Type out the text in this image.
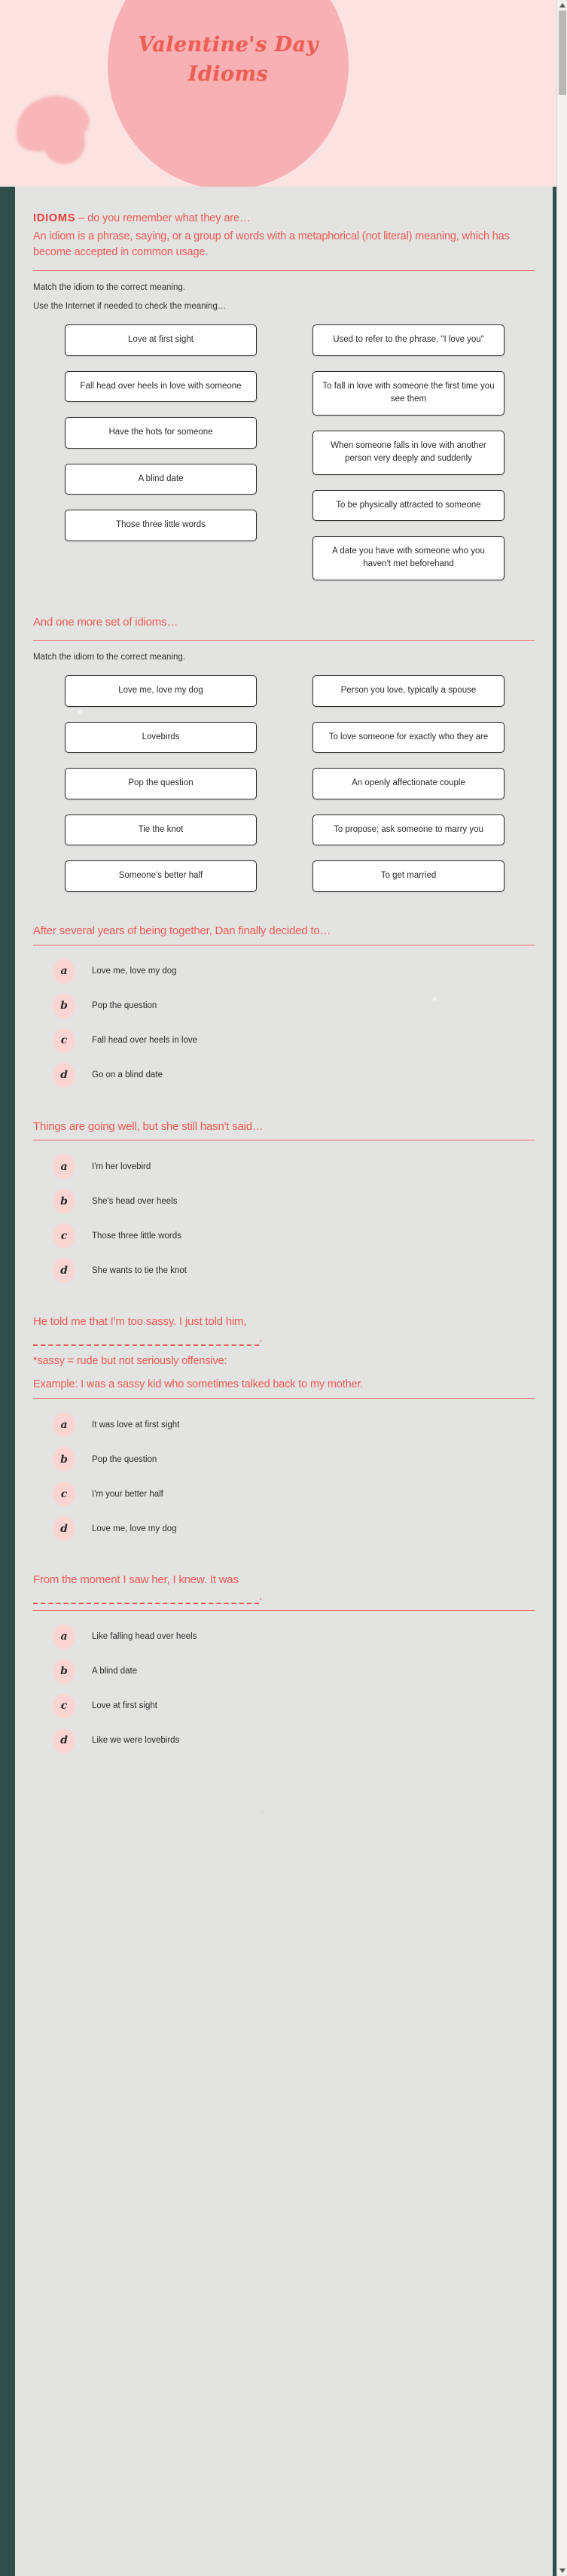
Valentine's Day
Idioms
IDIOMS – do you remember what they are…
An idiom is a phrase, saying, or a group of words with a metaphorical (not literal) meaning, which has become accepted in common usage.
Match the idiom to the correct meaning.
Use the Internet if needed to check the meaning…
Love at first sight
Fall head over heels in love with someone
Have the hots for someone
A blind date
Those three little words
Used to refer to the phrase, "I love you"
To fall in love with someone the first time you see them
When someone falls in love with another person very deeply and suddenly
To be physically attracted to someone
A date you have with someone who you haven't met beforehand
And one more set of idioms…
Match the idiom to the correct meaning.
Love me, love my dog
Lovebirds
Pop the question
Tie the knot
Someone's better half
Person you love, typically a spouse
To love someone for exactly who they are
An openly affectionate couple
To propose; ask someone to marry you
To get married
After several years of being together, Dan finally decided to…
a	Love me, love my dog
b	Pop the question
c	Fall head over heels in love
d	Go on a blind date
Things are going well, but she still hasn't said…
a	I'm her lovebird
b	She's head over heels
c	Those three little words
d	She wants to tie the knot
He told me that I'm too sassy. I just told him,
.
*sassy = rude but not seriously offensive:
Example: I was a sassy kid who sometimes talked back to my mother.
a	It was love at first sight
b	Pop the question
c	I'm your better half
d	Love me, love my dog
From the moment I saw her, I knew. It was
.
a	Like falling head over heels
b	A blind date
c	Love at first sight
d	Like we were lovebirds
